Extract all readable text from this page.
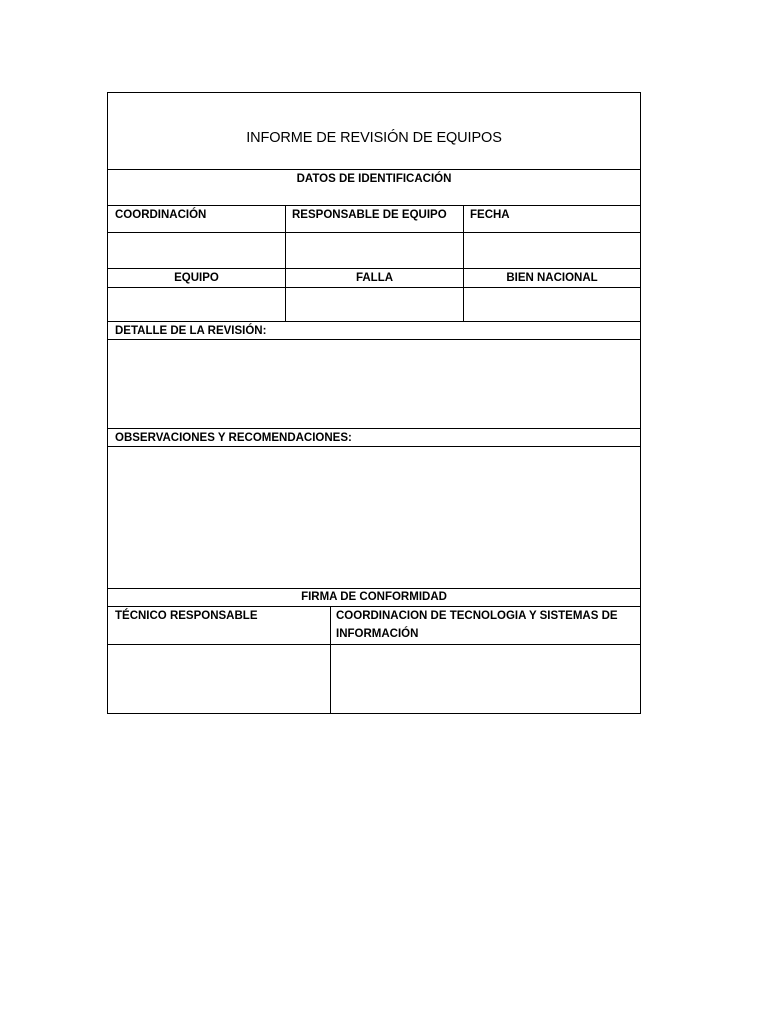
INFORME DE REVISIÓN DE EQUIPOS
DATOS DE IDENTIFICACIÓN
COORDINACIÓN	RESPONSABLE DE EQUIPO	FECHA
EQUIPO	FALLA	BIEN NACIONAL
DETALLE DE LA REVISIÓN:
OBSERVACIONES Y RECOMENDACIONES:
FIRMA DE CONFORMIDAD
TÉCNICO RESPONSABLE	COORDINACION DE TECNOLOGIA Y SISTEMAS DE INFORMACIÓN
